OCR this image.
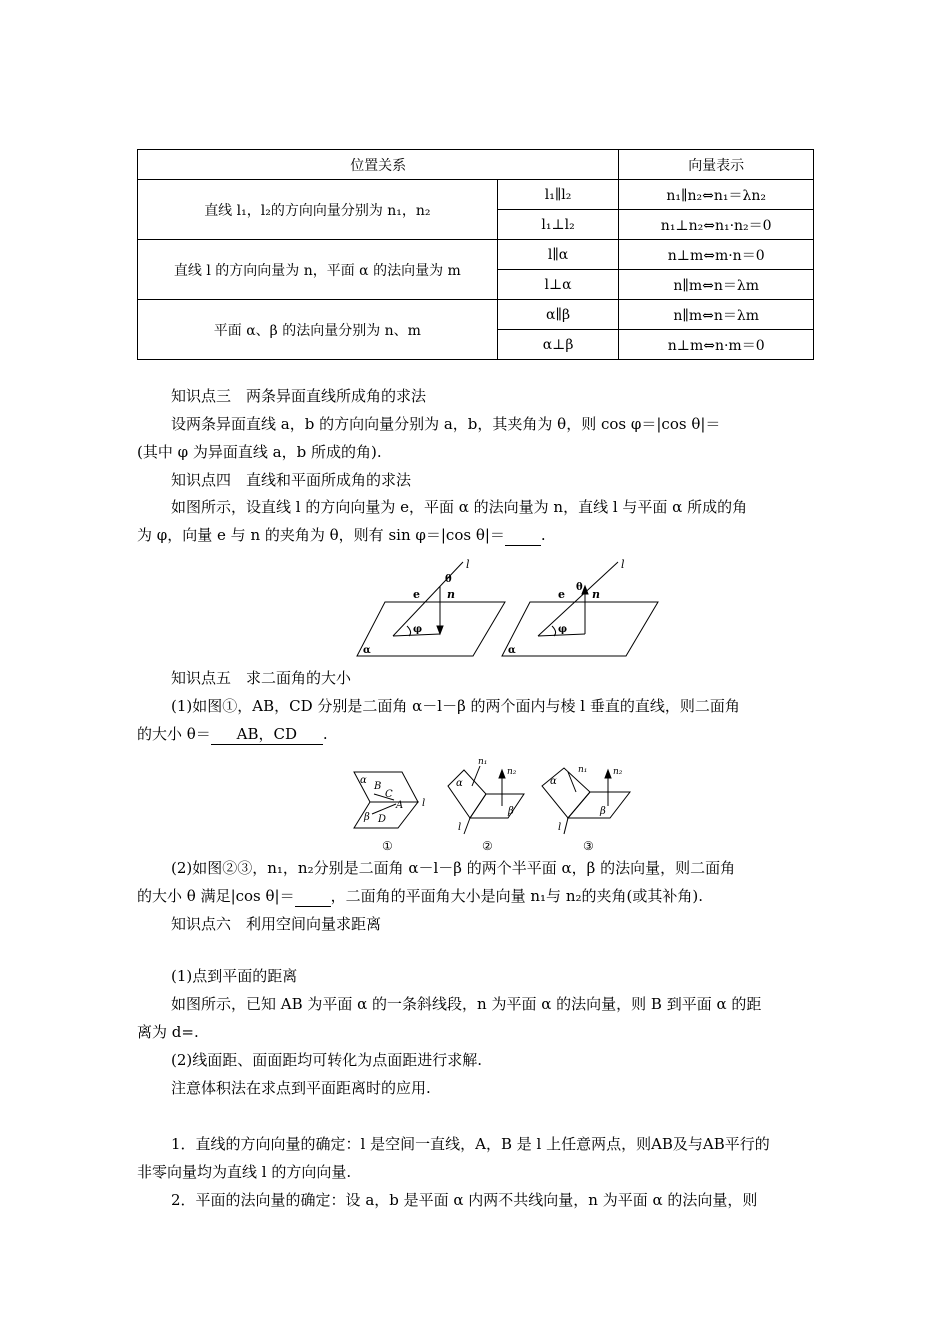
位置关系		向量表示
直线 l₁，l₂的方向向量分别为 n₁，n₂	l₁∥l₂	n₁∥n₂⇔n₁＝λn₂
	l₁⊥l₂	n₁⊥n₂⇔n₁·n₂＝0
直线 l 的方向向量为 n，平面 α 的法向量为 m	l∥α	n⊥m⇔m·n＝0
	l⊥α	n∥m⇔n＝λm
平面 α、β 的法向量分别为 n、m	α∥β	n∥m⇔n＝λm
	α⊥β	n⊥m⇔n·m＝0
知识点三　两条异面直线所成角的求法
设两条异面直线 a，b 的方向向量分别为 a，b，其夹角为 θ，则 cos φ＝|cos θ|＝
(其中 φ 为异面直线 a，b 所成的角).
知识点四　直线和平面所成角的求法
如图所示，设直线 l 的方向向量为 e，平面 α 的法向量为 n，直线 l 与平面 α 所成的角
为 φ，向量 e 与 n 的夹角为 θ，则有 sin φ＝|cos θ|＝ .
l
e n
θ
φ
α
l
e n
θ
φ
α
知识点五　求二面角的大小
(1)如图①，AB，CD 分别是二面角 α－l－β 的两个面内与棱 l 垂直的直线，则二面角
的大小 θ＝ AB，CD .
α
B
C
A
β D
l
①
α
n₁
n₂
β
l
②
α
n₁	n₂
β
l
③
(2)如图②③，n₁，n₂分别是二面角 α－l－β 的两个半平面 α，β 的法向量，则二面角
的大小 θ 满足|cos θ|＝ ，二面角的平面角大小是向量 n₁与 n₂的夹角(或其补角).
知识点六　利用空间向量求距离
(1)点到平面的距离
如图所示，已知 AB 为平面 α 的一条斜线段，n 为平面 α 的法向量，则 B 到平面 α 的距
离为 d=.
(2)线面距、面面距均可转化为点面距进行求解.
注意体积法在求点到平面距离时的应用.
1．直线的方向向量的确定：l 是空间一直线，A，B 是 l 上任意两点，则AB及与AB平行的
非零向量均为直线 l 的方向向量.
2．平面的法向量的确定：设 a，b 是平面 α 内两不共线向量，n 为平面 α 的法向量，则
